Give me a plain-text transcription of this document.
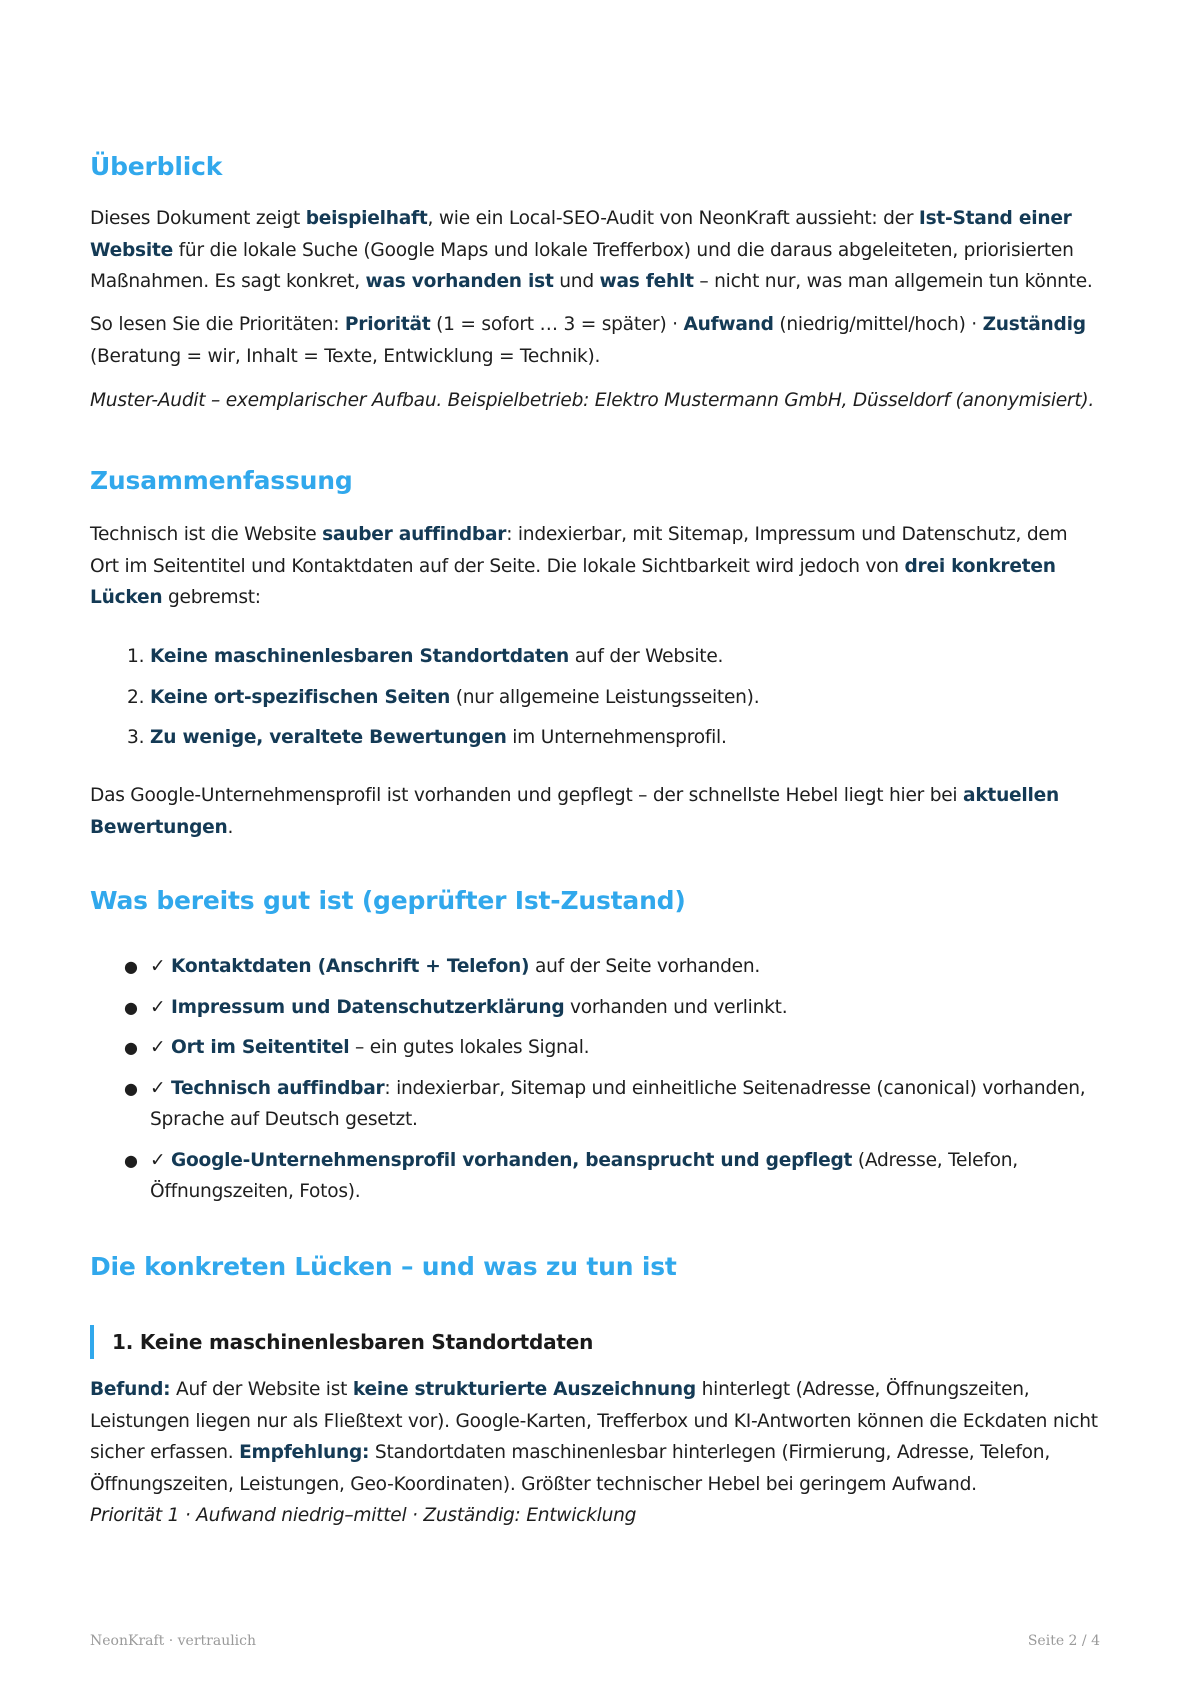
Überblick

Dieses Dokument zeigt beispielhaft, wie ein Local-SEO-Audit von NeonKraft aussieht: der Ist-Stand einer Website für die lokale Suche (Google Maps und lokale Trefferbox) und die daraus abgeleiteten, priorisierten Maßnahmen. Es sagt konkret, was vorhanden ist und was fehlt – nicht nur, was man allgemein tun könnte.

So lesen Sie die Prioritäten: Priorität (1 = sofort … 3 = später) · Aufwand (niedrig/mittel/hoch) · Zuständig (Beratung = wir, Inhalt = Texte, Entwicklung = Technik).

Muster-Audit – exemplarischer Aufbau. Beispielbetrieb: Elektro Mustermann GmbH, Düsseldorf (anonymisiert).

Zusammenfassung

Technisch ist die Website sauber auffindbar: indexierbar, mit Sitemap, Impressum und Datenschutz, dem Ort im Seitentitel und Kontaktdaten auf der Seite. Die lokale Sichtbarkeit wird jedoch von drei konkreten Lücken gebremst:

1. Keine maschinenlesbaren Standortdaten auf der Website.
2. Keine ort-spezifischen Seiten (nur allgemeine Leistungsseiten).
3. Zu wenige, veraltete Bewertungen im Unternehmensprofil.

Das Google-Unternehmensprofil ist vorhanden und gepflegt – der schnellste Hebel liegt hier bei aktuellen Bewertungen.

Was bereits gut ist (geprüfter Ist-Zustand)
● ✓ Kontaktdaten (Anschrift + Telefon) auf der Seite vorhanden.
● ✓ Impressum und Datenschutzerklärung vorhanden und verlinkt.
● ✓ Ort im Seitentitel – ein gutes lokales Signal.
● ✓ Technisch auffindbar: indexierbar, Sitemap und einheitliche Seitenadresse (canonical) vorhanden, Sprache auf Deutsch gesetzt.
● ✓ Google-Unternehmensprofil vorhanden, beansprucht und gepflegt (Adresse, Telefon, Öffnungszeiten, Fotos).
Die konkreten Lücken – und was zu tun ist
1. Keine maschinenlesbaren Standortdaten

Befund: Auf der Website ist keine strukturierte Auszeichnung hinterlegt (Adresse, Öffnungszeiten, Leistungen liegen nur als Fließtext vor). Google-Karten, Trefferbox und KI-Antworten können die Eckdaten nicht sicher erfassen. Empfehlung: Standortdaten maschinenlesbar hinterlegen (Firmierung, Adresse, Telefon, Öffnungszeiten, Leistungen, Geo-Koordinaten). Größter technischer Hebel bei geringem Aufwand.
Priorität 1 · Aufwand niedrig–mittel · Zuständig: Entwicklung

NeonKraft · vertraulich	Seite 2 / 4
